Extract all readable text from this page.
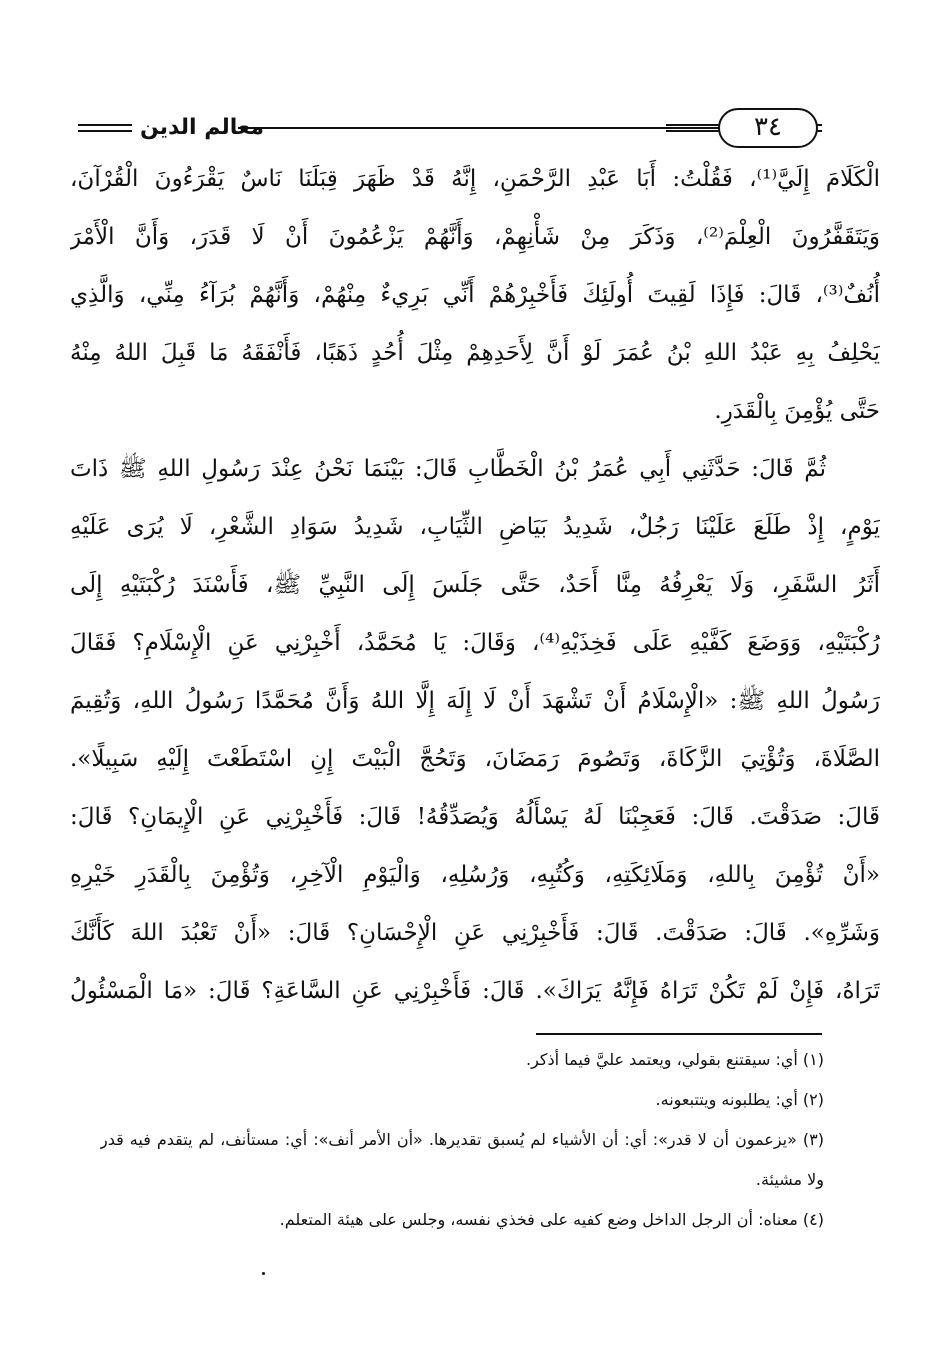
٣٤
معالم الدين
الْكَلَامَ إِلَيَّ⁽¹⁾، فَقُلْتُ: أَبَا عَبْدِ الرَّحْمَنِ، إِنَّهُ قَدْ ظَهَرَ قِبَلَنَا نَاسٌ يَقْرَءُونَ الْقُرْآنَ،
وَيَتَقَفَّرُونَ الْعِلْمَ⁽²⁾، وَذَكَرَ مِنْ شَأْنِهِمْ، وَأَنَّهُمْ يَزْعُمُونَ أَنْ لَا قَدَرَ، وَأَنَّ الْأَمْرَ
أُنُفٌ⁽³⁾، قَالَ: فَإِذَا لَقِيتَ أُولَئِكَ فَأَخْبِرْهُمْ أَنِّي بَرِيءٌ مِنْهُمْ، وَأَنَّهُمْ بُرَآءُ مِنِّي، وَالَّذِي
يَحْلِفُ بِهِ عَبْدُ اللهِ بْنُ عُمَرَ لَوْ أَنَّ لِأَحَدِهِمْ مِثْلَ أُحُدٍ ذَهَبًا، فَأَنْفَقَهُ مَا قَبِلَ اللهُ مِنْهُ
حَتَّى يُؤْمِنَ بِالْقَدَرِ.
ثُمَّ قَالَ: حَدَّثَنِي أَبِي عُمَرُ بْنُ الْخَطَّابِ قَالَ: بَيْنَمَا نَحْنُ عِنْدَ رَسُولِ اللهِ ﷺ ذَاتَ
يَوْمٍ، إِذْ طَلَعَ عَلَيْنَا رَجُلٌ، شَدِيدُ بَيَاضِ الثِّيَابِ، شَدِيدُ سَوَادِ الشَّعْرِ، لَا يُرَى عَلَيْهِ
أَثَرُ السَّفَرِ، وَلَا يَعْرِفُهُ مِنَّا أَحَدٌ، حَتَّى جَلَسَ إِلَى النَّبِيِّ ﷺ، فَأَسْنَدَ رُكْبَتَيْهِ إِلَى
رُكْبَتَيْهِ، وَوَضَعَ كَفَّيْهِ عَلَى فَخِذَيْهِ⁽⁴⁾، وَقَالَ: يَا مُحَمَّدُ، أَخْبِرْنِي عَنِ الْإِسْلَامِ؟ فَقَالَ
رَسُولُ اللهِ ﷺ: «الْإِسْلَامُ أَنْ تَشْهَدَ أَنْ لَا إِلَهَ إِلَّا اللهُ وَأَنَّ مُحَمَّدًا رَسُولُ اللهِ، وَتُقِيمَ
الصَّلَاةَ، وَتُؤْتِيَ الزَّكَاةَ، وَتَصُومَ رَمَضَانَ، وَتَحُجَّ الْبَيْتَ إِنِ اسْتَطَعْتَ إِلَيْهِ سَبِيلًا».
قَالَ: صَدَقْتَ. قَالَ: فَعَجِبْنَا لَهُ يَسْأَلُهُ وَيُصَدِّقُهُ! قَالَ: فَأَخْبِرْنِي عَنِ الْإِيمَانِ؟ قَالَ:
«أَنْ تُؤْمِنَ بِاللهِ، وَمَلَائِكَتِهِ، وَكُتُبِهِ، وَرُسُلِهِ، وَالْيَوْمِ الْآخِرِ، وَتُؤْمِنَ بِالْقَدَرِ خَيْرِهِ
وَشَرِّهِ». قَالَ: صَدَقْتَ. قَالَ: فَأَخْبِرْنِي عَنِ الْإِحْسَانِ؟ قَالَ: «أَنْ تَعْبُدَ اللهَ كَأَنَّكَ
تَرَاهُ، فَإِنْ لَمْ تَكُنْ تَرَاهُ فَإِنَّهُ يَرَاكَ». قَالَ: فَأَخْبِرْنِي عَنِ السَّاعَةِ؟ قَالَ: «مَا الْمَسْئُولُ
(١) أي: سيقتنع بقولي، ويعتمد عليَّ فيما أذكر.
(٢) أي: يطلبونه ويتتبعونه.
(٣) «يزعمون أن لا قدر»: أي: أن الأشياء لم يُسبق تقديرها. «أن الأمر أنف»: أي: مستأنف، لم يتقدم فيه قدر ولا مشيئة.
(٤) معناه: أن الرجل الداخل وضع كفيه على فخذي نفسه، وجلس على هيئة المتعلم.
